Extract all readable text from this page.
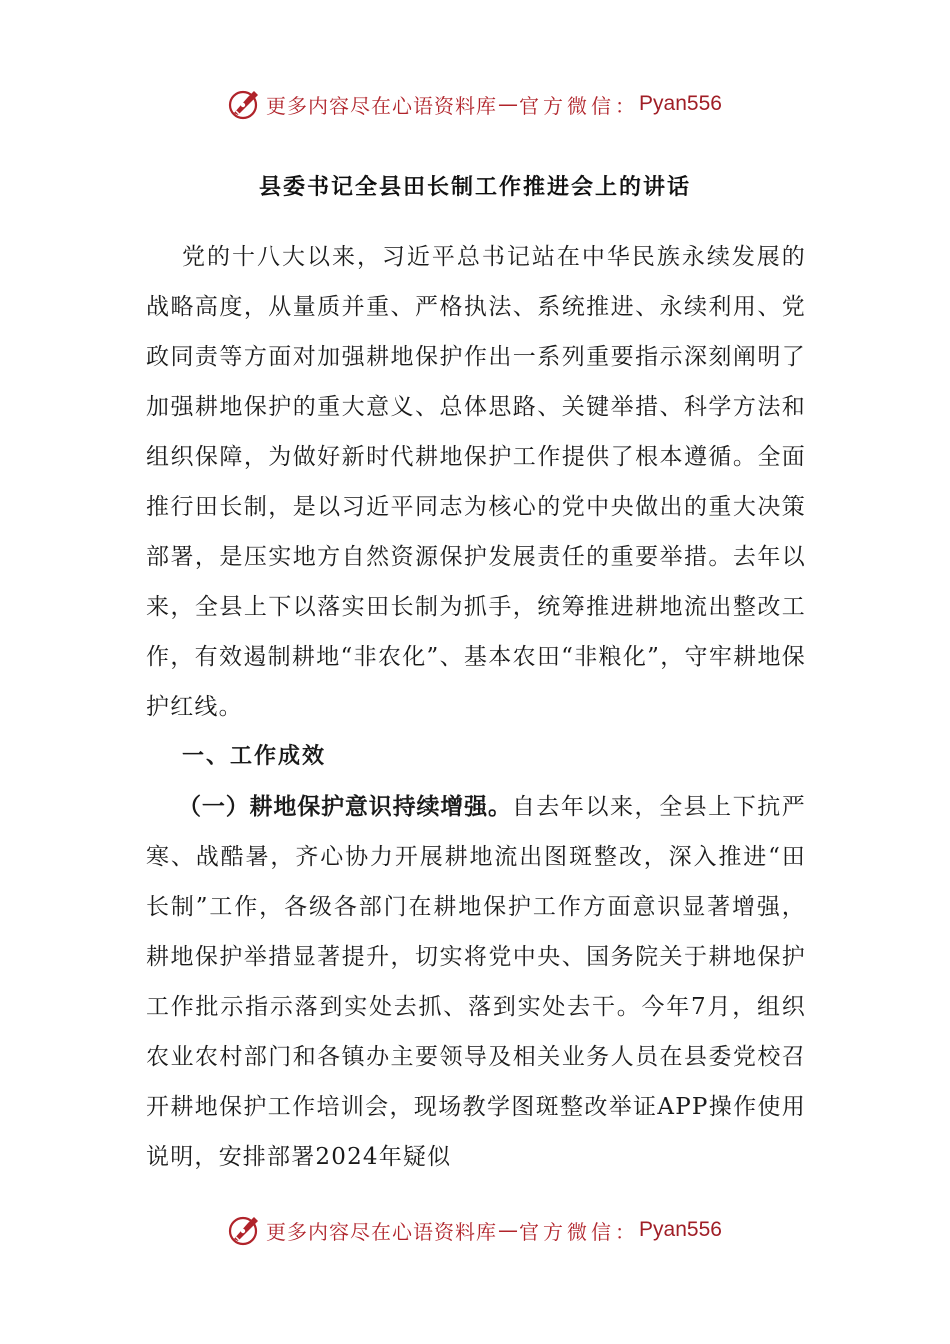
更多内容尽在心语资料库 — 官方微信： Pyan556
县委书记全县田长制工作推进会上的讲话

党的十八大以来，习近平总书记站在中华民族永续发展的战略高度，从量质并重、严格执法、系统推进、永续利用、党政同责等方面对加强耕地保护作出一系列重要指示深刻阐明了加强耕地保护的重大意义、总体思路、关键举措、科学方法和组织保障，为做好新时代耕地保护工作提供了根本遵循。全面推行田长制，是以习近平同志为核心的党中央做出的重大决策部署，是压实地方自然资源保护发展责任的重要举措。去年以来，全县上下以落实田长制为抓手，统筹推进耕地流出整改工作，有效遏制耕地“非农化”、基本农田“非粮化”，守牢耕地保护红线。

一、工作成效

（一）耕地保护意识持续增强。自去年以来，全县上下抗严寒、战酷暑，齐心协力开展耕地流出图斑整改，深入推进“田长制”工作，各级各部门在耕地保护工作方面意识显著增强，耕地保护举措显著提升，切实将党中央、国务院关于耕地保护工作批示指示落到实处去抓、落到实处去干。今年7月，组织农业农村部门和各镇办主要领导及相关业务人员在县委党校召开耕地保护工作培训会，现场教学图斑整改举证APP操作使用说明，安排部署2024年疑似

更多内容尽在心语资料库 — 官方微信： Pyan556
